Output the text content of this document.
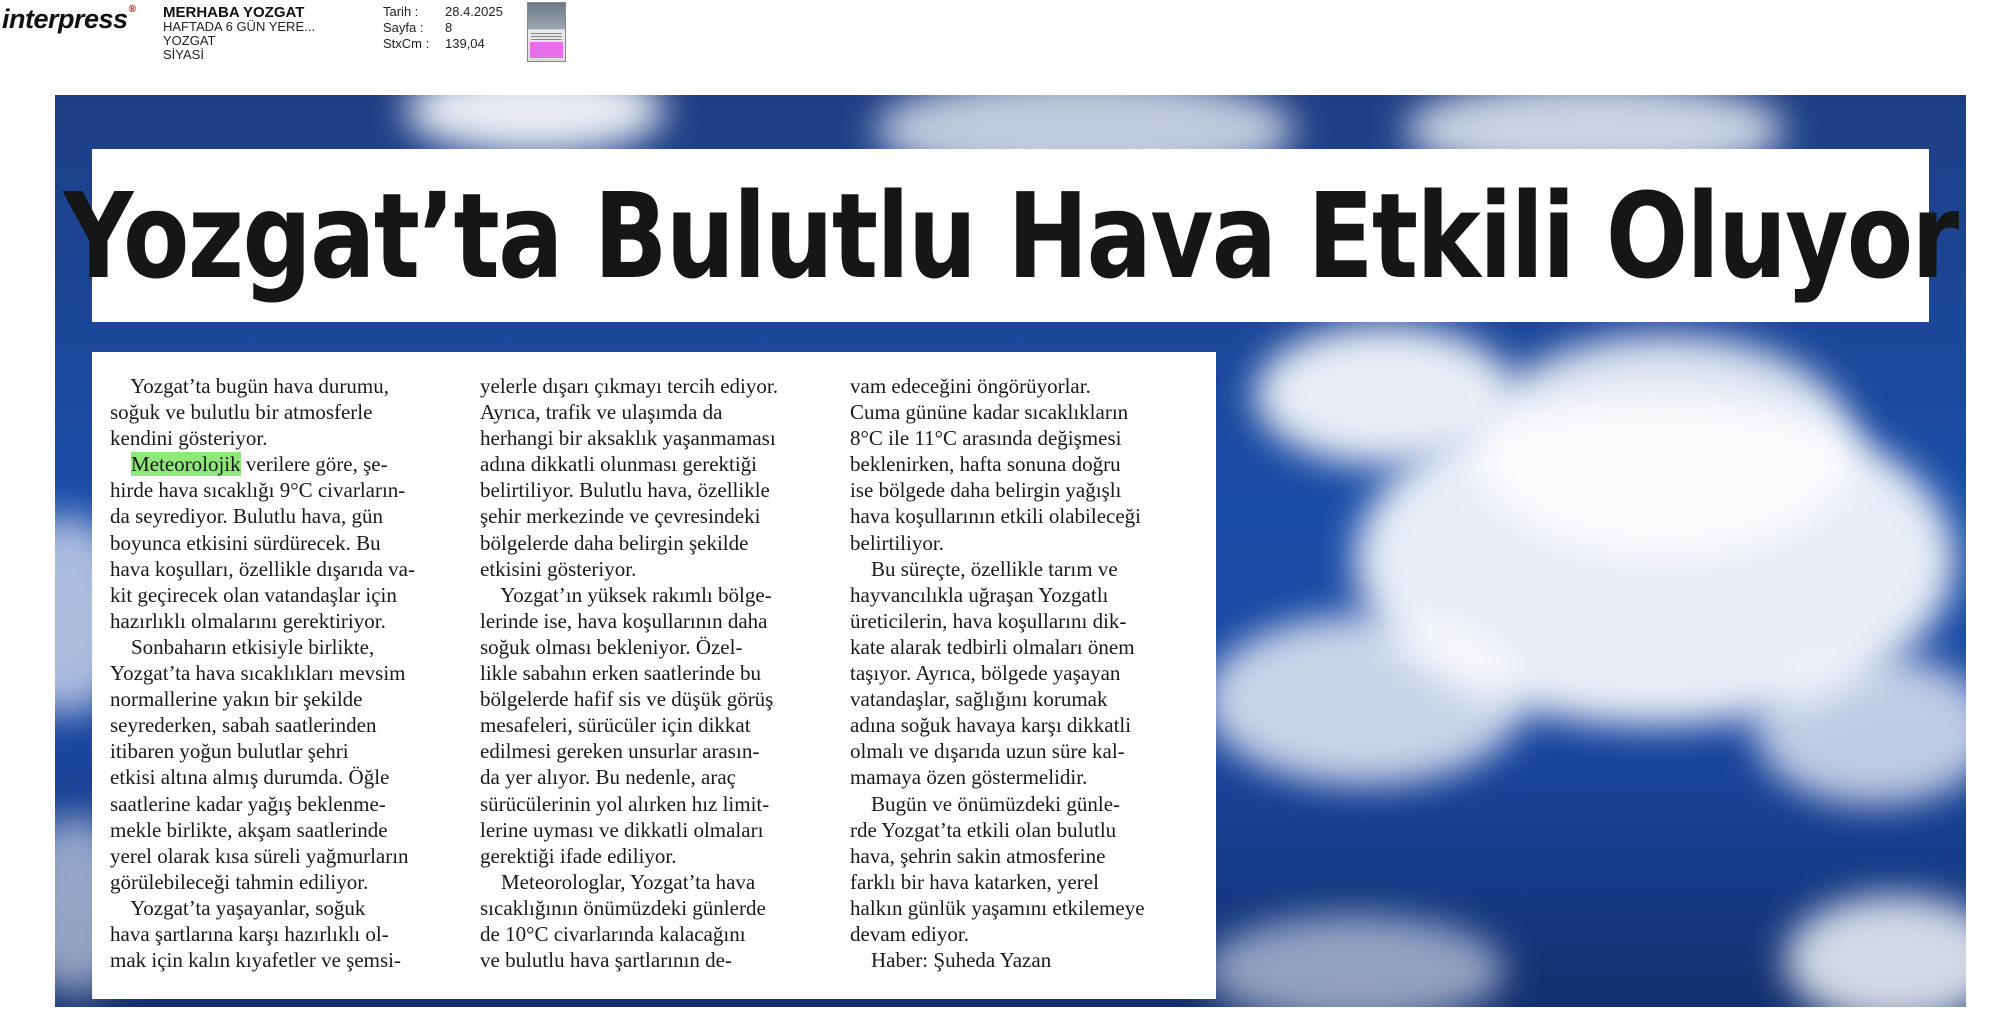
interpress® MERHABA YOZGAT
HAFTADA 6 GÜN YERE...
YOZGAT
SİYASİ
Tarih :	28.4.2025
Sayfa :	8
StxCm :	139,04
Yozgat’ta Bulutlu Hava Etkili Oluyor
Yozgat’ta bugün hava durumu,
soğuk ve bulutlu bir atmosferle
kendini gösteriyor.
Meteorolojik verilere göre, şe-
hirde hava sıcaklığı 9°C civarların-
da seyrediyor. Bulutlu hava, gün
boyunca etkisini sürdürecek. Bu
hava koşulları, özellikle dışarıda va-
kit geçirecek olan vatandaşlar için
hazırlıklı olmalarını gerektiriyor.
Sonbaharın etkisiyle birlikte,
Yozgat’ta hava sıcaklıkları mevsim
normallerine yakın bir şekilde
seyrederken, sabah saatlerinden
itibaren yoğun bulutlar şehri
etkisi altına almış durumda. Öğle
saatlerine kadar yağış beklenme-
mekle birlikte, akşam saatlerinde
yerel olarak kısa süreli yağmurların
görülebileceği tahmin ediliyor.
Yozgat’ta yaşayanlar, soğuk
hava şartlarına karşı hazırlıklı ol-
mak için kalın kıyafetler ve şemsi-
yelerle dışarı çıkmayı tercih ediyor.
Ayrıca, trafik ve ulaşımda da
herhangi bir aksaklık yaşanmaması
adına dikkatli olunması gerektiği
belirtiliyor. Bulutlu hava, özellikle
şehir merkezinde ve çevresindeki
bölgelerde daha belirgin şekilde
etkisini gösteriyor.
Yozgat’ın yüksek rakımlı bölge-
lerinde ise, hava koşullarının daha
soğuk olması bekleniyor. Özel-
likle sabahın erken saatlerinde bu
bölgelerde hafif sis ve düşük görüş
mesafeleri, sürücüler için dikkat
edilmesi gereken unsurlar arasın-
da yer alıyor. Bu nedenle, araç
sürücülerinin yol alırken hız limit-
lerine uyması ve dikkatli olmaları
gerektiği ifade ediliyor.
Meteorologlar, Yozgat’ta hava
sıcaklığının önümüzdeki günlerde
de 10°C civarlarında kalacağını
ve bulutlu hava şartlarının de-
vam edeceğini öngörüyorlar.
Cuma gününe kadar sıcaklıkların
8°C ile 11°C arasında değişmesi
beklenirken, hafta sonuna doğru
ise bölgede daha belirgin yağışlı
hava koşullarının etkili olabileceği
belirtiliyor.
Bu süreçte, özellikle tarım ve
hayvancılıkla uğraşan Yozgatlı
üreticilerin, hava koşullarını dik-
kate alarak tedbirli olmaları önem
taşıyor. Ayrıca, bölgede yaşayan
vatandaşlar, sağlığını korumak
adına soğuk havaya karşı dikkatli
olmalı ve dışarıda uzun süre kal-
mamaya özen göstermelidir.
Bugün ve önümüzdeki günle-
rde Yozgat’ta etkili olan bulutlu
hava, şehrin sakin atmosferine
farklı bir hava katarken, yerel
halkın günlük yaşamını etkilemeye
devam ediyor.
Haber: Şuheda Yazan
